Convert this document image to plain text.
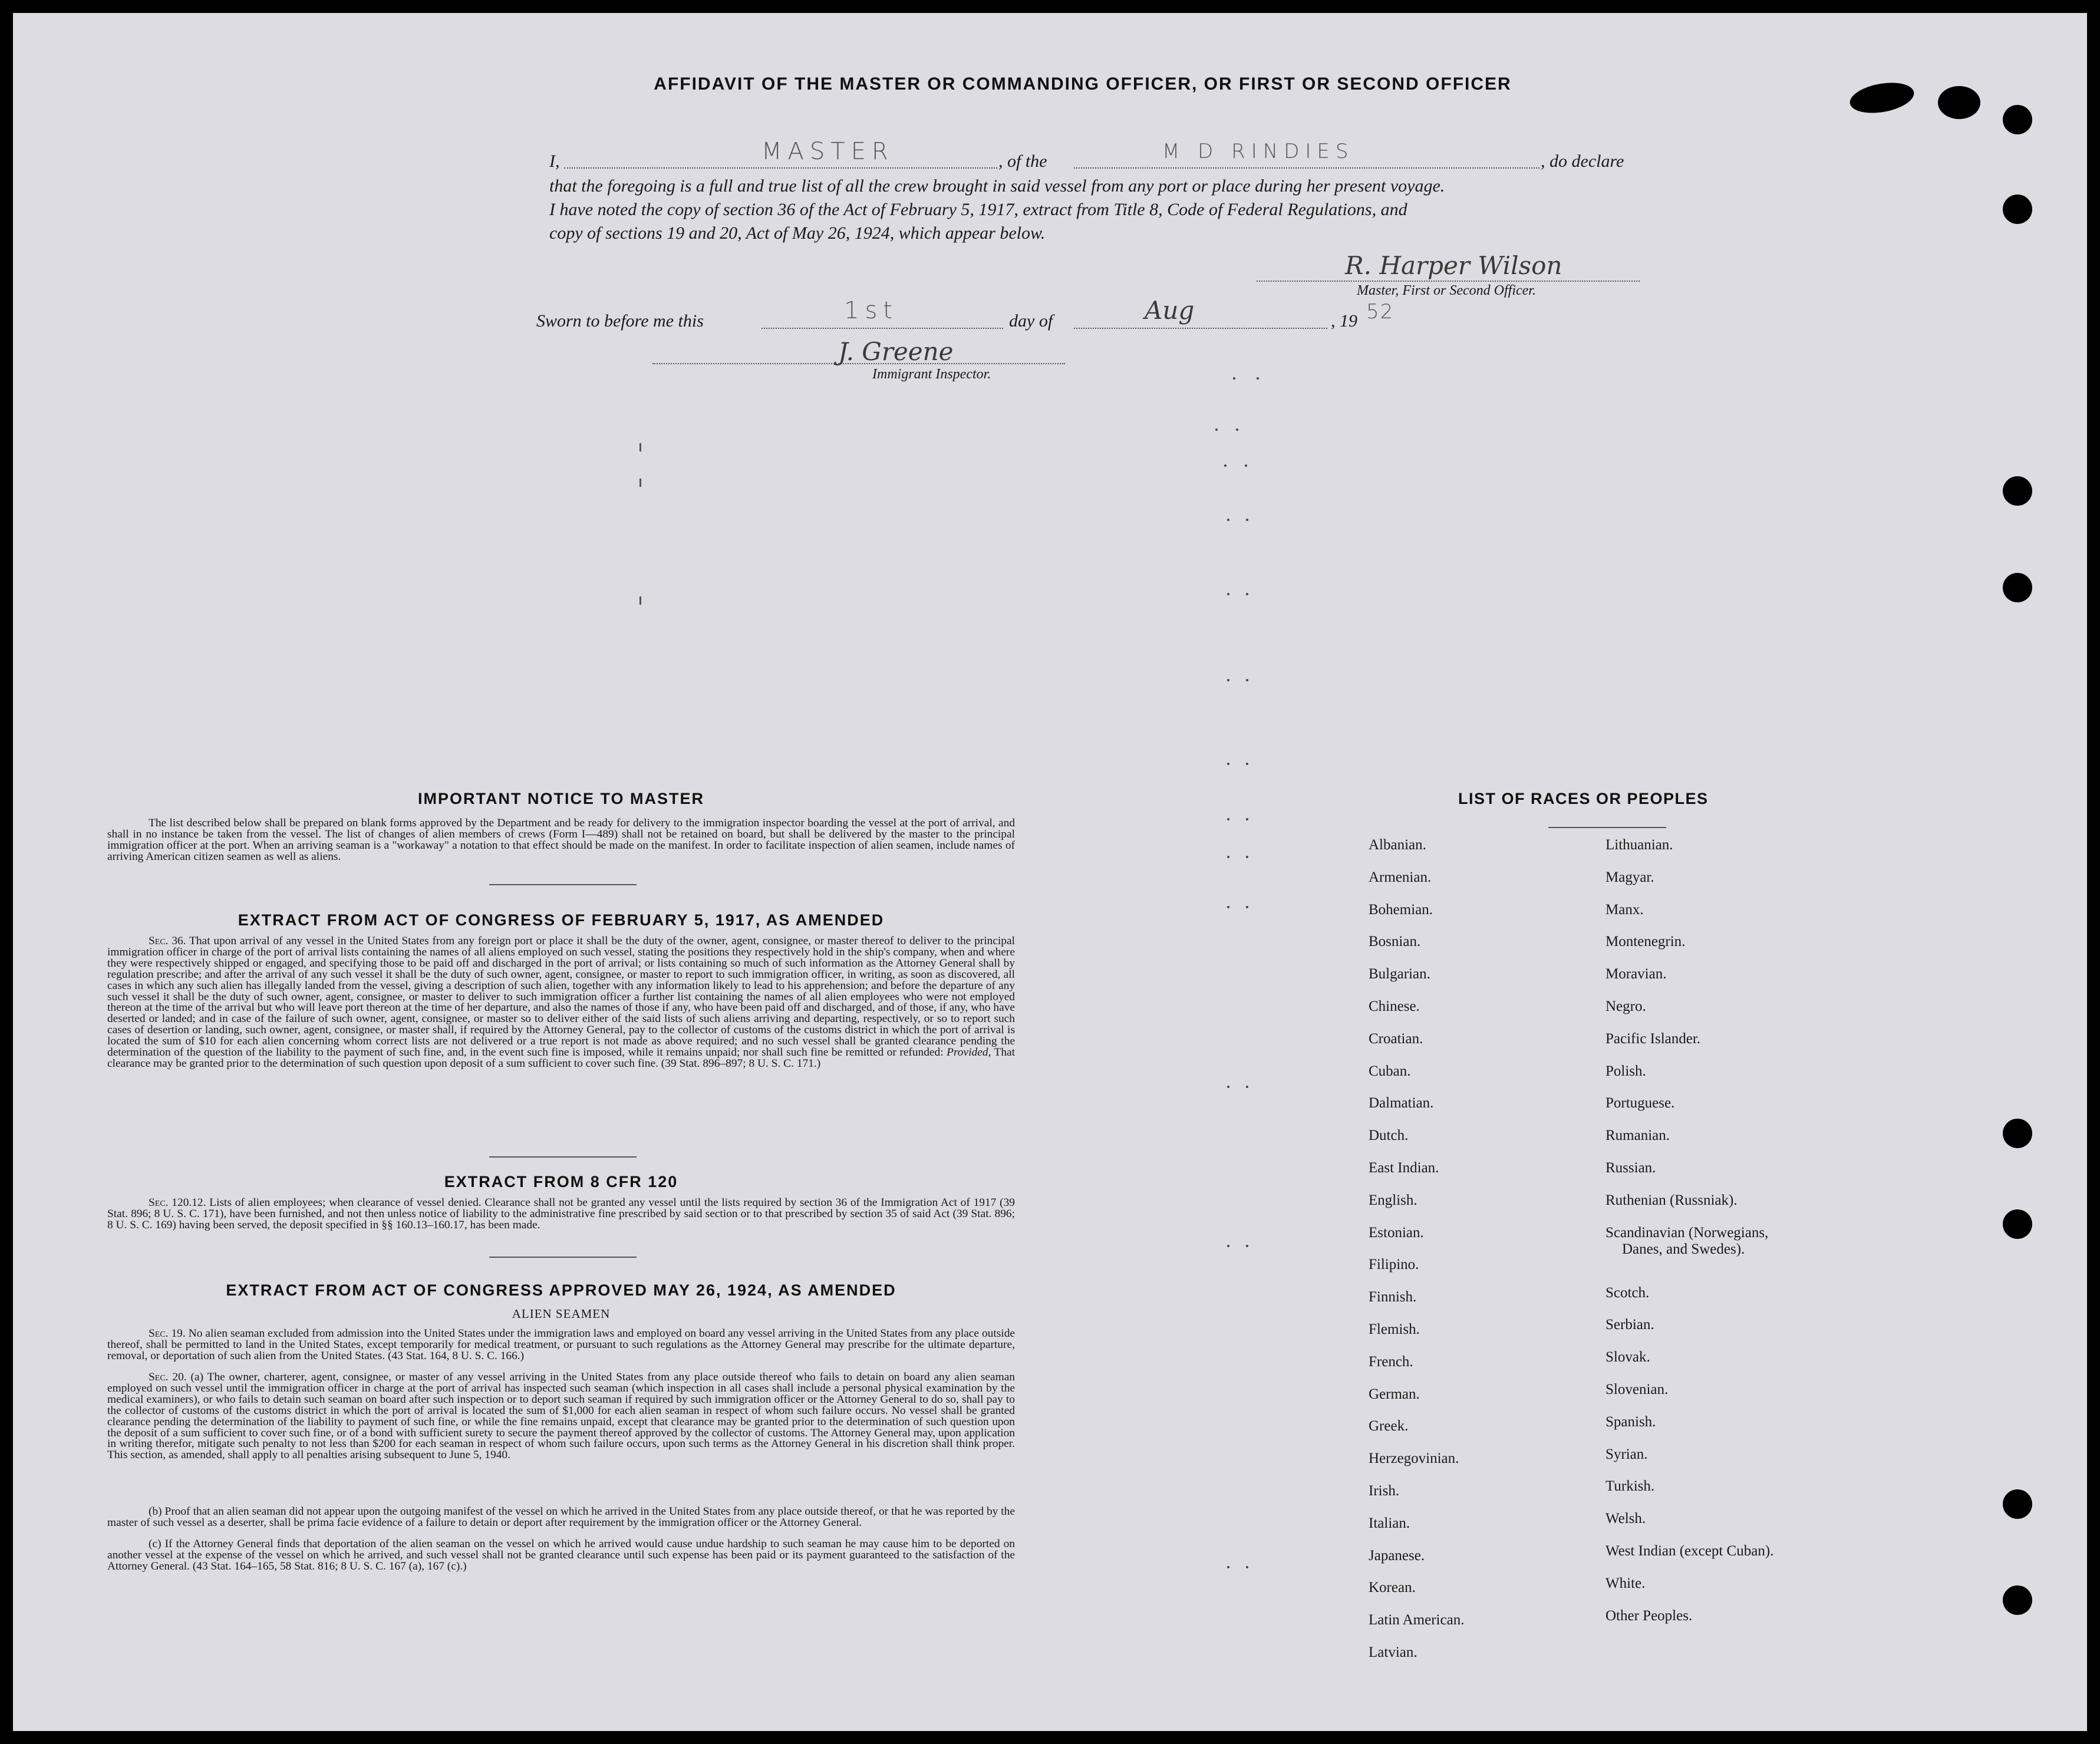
AFFIDAVIT OF THE MASTER OR COMMANDING OFFICER, OR FIRST OR SECOND OFFICER
I,	MASTER	, of the	M D RINDIES	, do declare
that the foregoing is a full and true list of all the crew brought in said vessel from any port or place during her present voyage.
I have noted the copy of section 36 of the Act of February 5, 1917, extract from Title 8, Code of Federal Regulations, and
copy of sections 19 and 20, Act of May 26, 1924, which appear below.
R. Harper Wilson
Master, First or Second Officer.
Sworn to before me this	1st	day of	Aug	, 19 52
J. Greene
Immigrant Inspector.
IMPORTANT NOTICE TO MASTER
The list described below shall be prepared on blank forms approved by the Department and be ready for delivery to the immigration inspector boarding the vessel at the port of arrival, and shall in no instance be taken from the vessel. The list of changes of alien members of crews (Form I—489) shall not be retained on board, but shall be delivered by the master to the principal immigration officer at the port. When an arriving seaman is a "workaway" a notation to that effect should be made on the manifest. In order to facilitate inspection of alien seamen, include names of arriving American citizen seamen as well as aliens.
EXTRACT FROM ACT OF CONGRESS OF FEBRUARY 5, 1917, AS AMENDED
Sec. 36. That upon arrival of any vessel in the United States from any foreign port or place it shall be the duty of the owner, agent, consignee, or master thereof to deliver to the principal immigration officer in charge of the port of arrival lists containing the names of all aliens employed on such vessel, stating the positions they respectively hold in the ship's company, when and where they were respectively shipped or engaged, and specifying those to be paid off and discharged in the port of arrival; or lists containing so much of such information as the Attorney General shall by regulation prescribe; and after the arrival of any such vessel it shall be the duty of such owner, agent, consignee, or master to report to such immigration officer, in writing, as soon as discovered, all cases in which any such alien has illegally landed from the vessel, giving a description of such alien, together with any information likely to lead to his apprehension; and before the departure of any such vessel it shall be the duty of such owner, agent, consignee, or master to deliver to such immigration officer a further list containing the names of all alien employees who were not employed thereon at the time of the arrival but who will leave port thereon at the time of her departure, and also the names of those if any, who have been paid off and discharged, and of those, if any, who have deserted or landed; and in case of the failure of such owner, agent, consignee, or master so to deliver either of the said lists of such aliens arriving and departing, respectively, or so to report such cases of desertion or landing, such owner, agent, consignee, or master shall, if required by the Attorney General, pay to the collector of customs of the customs district in which the port of arrival is located the sum of $10 for each alien concerning whom correct lists are not delivered or a true report is not made as above required; and no such vessel shall be granted clearance pending the determination of the question of the liability to the payment of such fine, and, in the event such fine is imposed, while it remains unpaid; nor shall such fine be remitted or refunded: Provided, That clearance may be granted prior to the determination of such question upon deposit of a sum sufficient to cover such fine. (39 Stat. 896–897; 8 U. S. C. 171.)
EXTRACT FROM 8 CFR 120
Sec. 120.12. Lists of alien employees; when clearance of vessel denied. Clearance shall not be granted any vessel until the lists required by section 36 of the Immigration Act of 1917 (39 Stat. 896; 8 U. S. C. 171), have been furnished, and not then unless notice of liability to the administrative fine prescribed by said section or to that prescribed by section 35 of said Act (39 Stat. 896; 8 U. S. C. 169) having been served, the deposit specified in §§ 160.13–160.17, has been made.
EXTRACT FROM ACT OF CONGRESS APPROVED MAY 26, 1924, AS AMENDED
ALIEN SEAMEN
Sec. 19. No alien seaman excluded from admission into the United States under the immigration laws and employed on board any vessel arriving in the United States from any place outside thereof, shall be permitted to land in the United States, except temporarily for medical treatment, or pursuant to such regulations as the Attorney General may prescribe for the ultimate departure, removal, or deportation of such alien from the United States. (43 Stat. 164, 8 U. S. C. 166.)
Sec. 20. (a) The owner, charterer, agent, consignee, or master of any vessel arriving in the United States from any place outside thereof who fails to detain on board any alien seaman employed on such vessel until the immigration officer in charge at the port of arrival has inspected such seaman (which inspection in all cases shall include a personal physical examination by the medical examiners), or who fails to detain such seaman on board after such inspection or to deport such seaman if required by such immigration officer or the Attorney General to do so, shall pay to the collector of customs of the customs district in which the port of arrival is located the sum of $1,000 for each alien seaman in respect of whom such failure occurs. No vessel shall be granted clearance pending the determination of the liability to payment of such fine, or while the fine remains unpaid, except that clearance may be granted prior to the determination of such question upon the deposit of a sum sufficient to cover such fine, or of a bond with sufficient surety to secure the payment thereof approved by the collector of customs. The Attorney General may, upon application in writing therefor, mitigate such penalty to not less than $200 for each seaman in respect of whom such failure occurs, upon such terms as the Attorney General in his discretion shall think proper. This section, as amended, shall apply to all penalties arising subsequent to June 5, 1940.
(b) Proof that an alien seaman did not appear upon the outgoing manifest of the vessel on which he arrived in the United States from any place outside thereof, or that he was reported by the master of such vessel as a deserter, shall be prima facie evidence of a failure to detain or deport after requirement by the immigration officer or the Attorney General.
(c) If the Attorney General finds that deportation of the alien seaman on the vessel on which he arrived would cause undue hardship to such seaman he may cause him to be deported on another vessel at the expense of the vessel on which he arrived, and such vessel shall not be granted clearance until such expense has been paid or its payment guaranteed to the satisfaction of the Attorney General. (43 Stat. 164–165, 58 Stat. 816; 8 U. S. C. 167 (a), 167 (c).)
LIST OF RACES OR PEOPLES
Albanian.
Armenian.
Bohemian.
Bosnian.
Bulgarian.
Chinese.
Croatian.
Cuban.
Dalmatian.
Dutch.
East Indian.
English.
Estonian.
Filipino.
Finnish.
Flemish.
French.
German.
Greek.
Herzegovinian.
Irish.
Italian.
Japanese.
Korean.
Latin American.
Latvian.
Lithuanian.
Magyar.
Manx.
Montenegrin.
Moravian.
Negro.
Pacific Islander.
Polish.
Portuguese.
Rumanian.
Russian.
Ruthenian (Russniak).
Scandinavian (Norwegians,
Danes, and Swedes).
Scotch.
Serbian.
Slovak.
Slovenian.
Spanish.
Syrian.
Turkish.
Welsh.
West Indian (except Cuban).
White.
Other Peoples.
